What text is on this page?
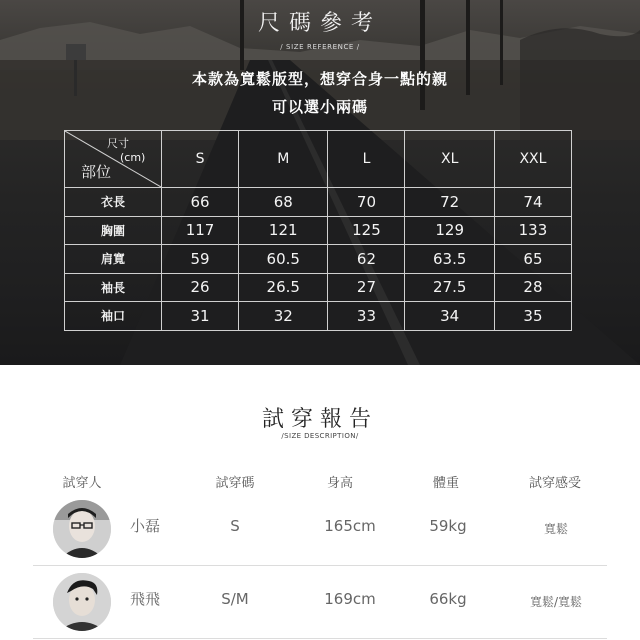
尺碼參考
/ SIZE REFERENCE /
本款為寬鬆版型，想穿合身一點的親
可以選小兩碼
尺寸
(cm)
部位	S	M	L	XL	XXL
衣長	66	68	70	72	74
胸圍	117	121	125	129	133
肩寬	59	60.5	62	63.5	65
袖長	26	26.5	27	27.5	28
袖口	31	32	33	34	35
試穿報告
/SIZE DESCRIPTION/
試穿人	試穿碼	身高	體重	試穿感受
小磊	S	165cm	59kg	寬鬆
飛飛	S/M	169cm	66kg	寬鬆/寬鬆
